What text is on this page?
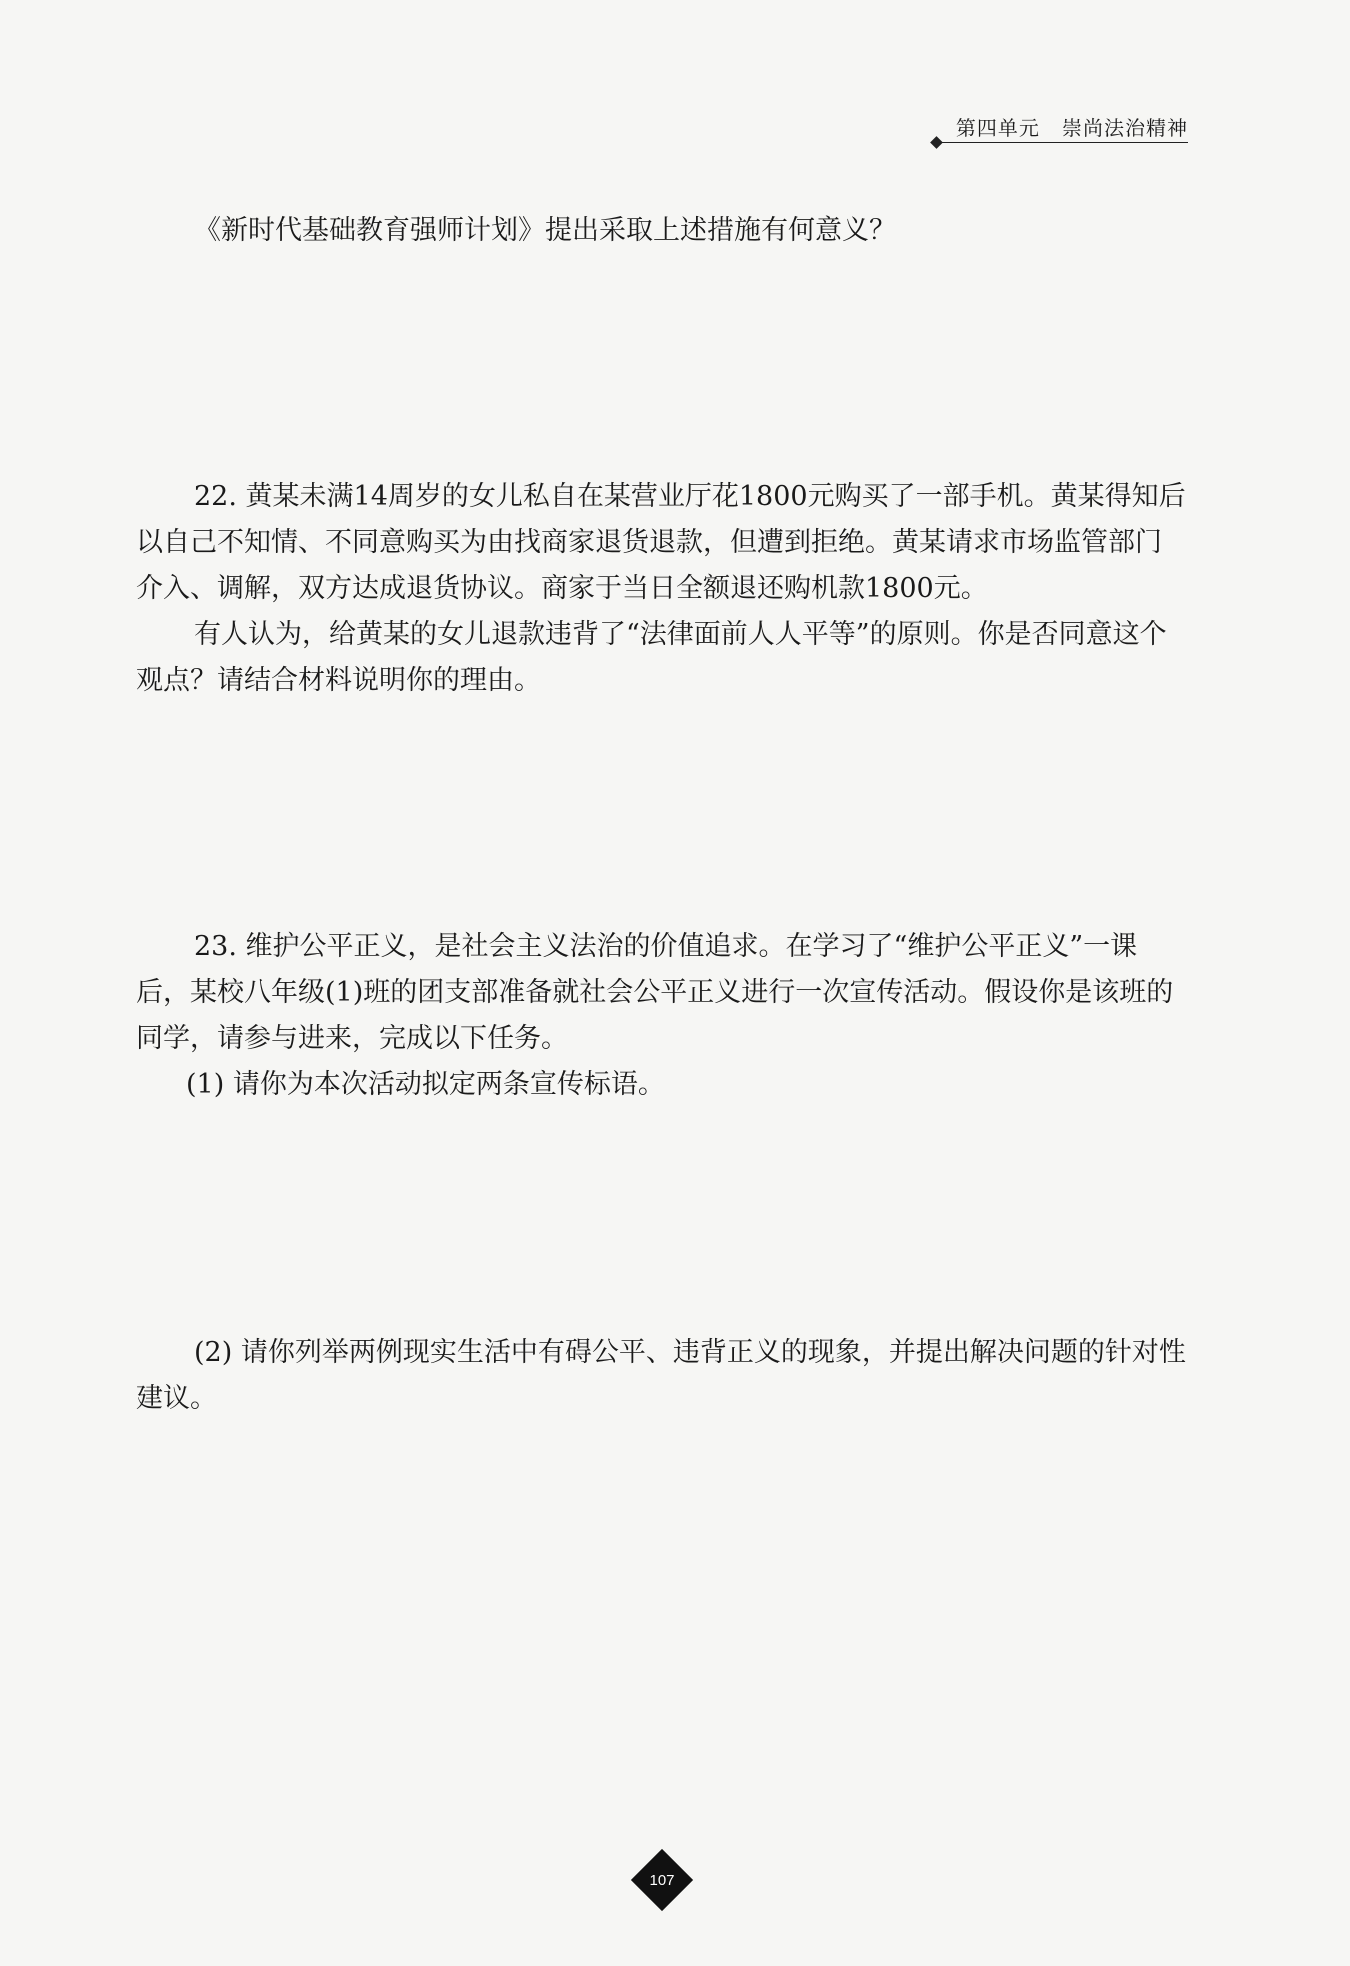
第四单元 崇尚法治精神

《新时代基础教育强师计划》提出采取上述措施有何意义？

22. 黄某未满14周岁的女儿私自在某营业厅花1800元购买了一部手机。黄某得知后以自己不知情、不同意购买为由找商家退货退款，但遭到拒绝。黄某请求市场监管部门介入、调解，双方达成退货协议。商家于当日全额退还购机款1800元。

有人认为，给黄某的女儿退款违背了“法律面前人人平等”的原则。你是否同意这个观点？请结合材料说明你的理由。

23. 维护公平正义，是社会主义法治的价值追求。在学习了“维护公平正义”一课后，某校八年级(1)班的团支部准备就社会公平正义进行一次宣传活动。假设你是该班的同学，请参与进来，完成以下任务。

(1) 请你为本次活动拟定两条宣传标语。

(2) 请你列举两例现实生活中有碍公平、违背正义的现象，并提出解决问题的针对性建议。

107
